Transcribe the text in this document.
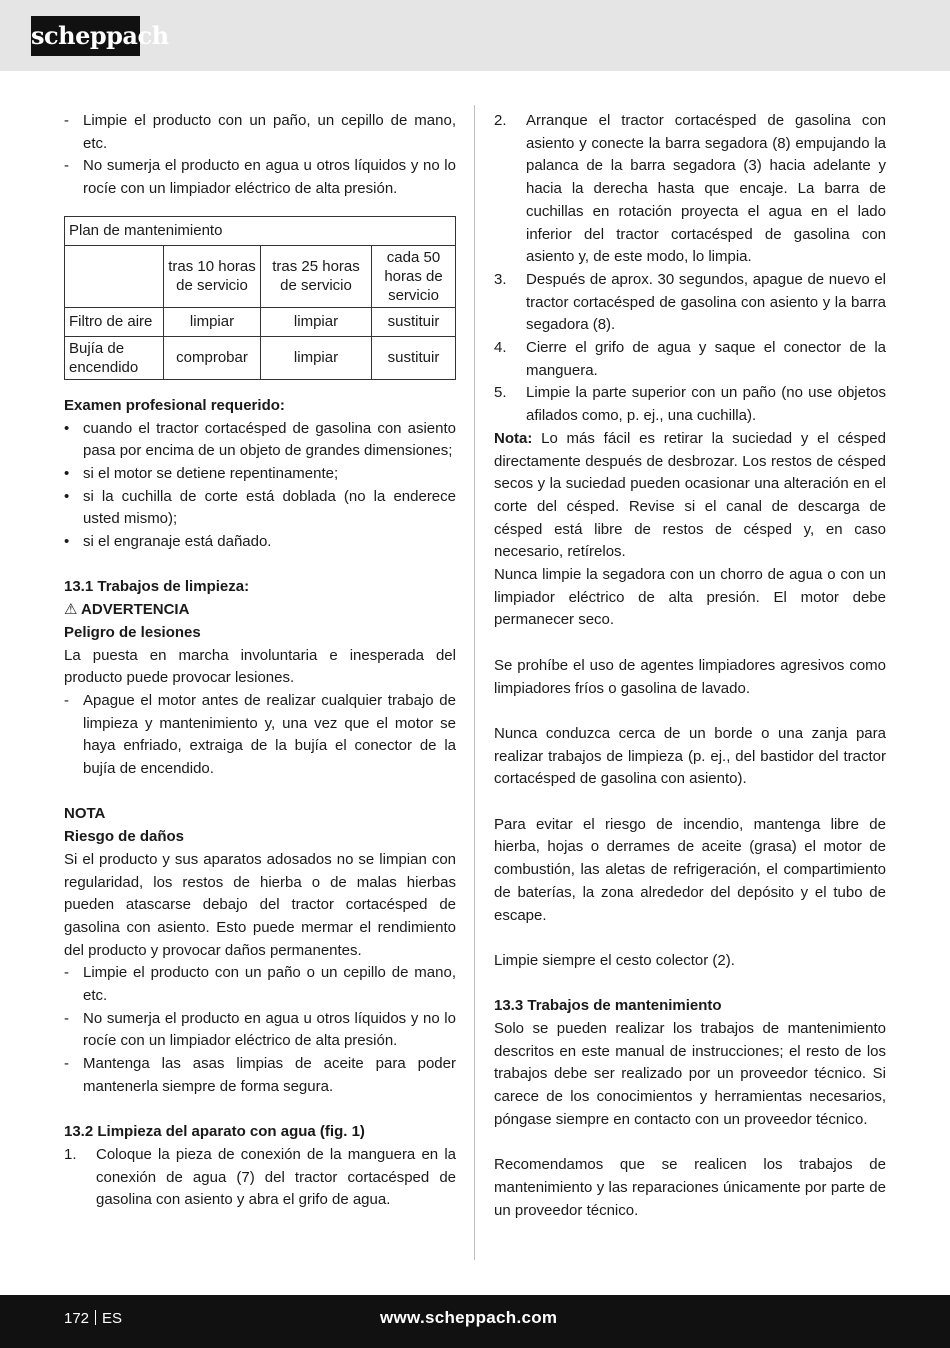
scheppach
- Limpie el producto con un paño, un cepillo de mano, etc.
- No sumerja el producto en agua u otros líquidos y no lo rocíe con un limpiador eléctrico de alta presión.
Plan de mantenimiento			
	tras 10 horas de servicio	tras 25 horas de servicio	cada 50 horas de servicio
Filtro de aire	limpiar	limpiar	sustituir
Bujía de encendido	comprobar	limpiar	sustituir

Examen profesional requerido:

• cuando el tractor cortacésped de gasolina con asiento pasa por encima de un objeto de grandes dimensiones;
• si el motor se detiene repentinamente;
• si la cuchilla de corte está doblada (no la enderece usted mismo);
• si el engranaje está dañado.

13.1 Trabajos de limpieza:

⚠ ADVERTENCIA

Peligro de lesiones

La puesta en marcha involuntaria e inesperada del producto puede provocar lesiones.

- Apague el motor antes de realizar cualquier trabajo de limpieza y mantenimiento y, una vez que el motor se haya enfriado, extraiga de la bujía el conector de la bujía de encendido.

NOTA

Riesgo de daños

Si el producto y sus aparatos adosados no se limpian con regularidad, los restos de hierba o de malas hierbas pueden atascarse debajo del tractor cortacésped de gasolina con asiento. Esto puede mermar el rendimiento del producto y provocar daños permanentes.

- Limpie el producto con un paño o un cepillo de mano, etc.
- No sumerja el producto en agua u otros líquidos y no lo rocíe con un limpiador eléctrico de alta presión.
- Mantenga las asas limpias de aceite para poder mantenerla siempre de forma segura.

13.2 Limpieza del aparato con agua (fig. 1)

1. Coloque la pieza de conexión de la manguera en la conexión de agua (7) del tractor cortacésped de gasolina con asiento y abra el grifo de agua.
2. Arranque el tractor cortacésped de gasolina con asiento y conecte la barra segadora (8) empujando la palanca de la barra segadora (3) hacia adelante y hacia la derecha hasta que encaje. La barra de cuchillas en rotación proyecta el agua en el lado inferior del tractor cortacésped de gasolina con asiento y, de este modo, lo limpia.
3. Después de aprox. 30 segundos, apague de nuevo el tractor cortacésped de gasolina con asiento y la barra segadora (8).
4. Cierre el grifo de agua y saque el conector de la manguera.
5. Limpie la parte superior con un paño (no use objetos afilados como, p. ej., una cuchilla).

Nota: Lo más fácil es retirar la suciedad y el césped directamente después de desbrozar. Los restos de césped secos y la suciedad pueden ocasionar una alteración en el corte del césped. Revise si el canal de descarga de césped está libre de restos de césped y, en caso necesario, retírelos.

Nunca limpie la segadora con un chorro de agua o con un limpiador eléctrico de alta presión. El motor debe permanecer seco.

Se prohíbe el uso de agentes limpiadores agresivos como limpiadores fríos o gasolina de lavado.

Nunca conduzca cerca de un borde o una zanja para realizar trabajos de limpieza (p. ej., del bastidor del tractor cortacésped de gasolina con asiento).

Para evitar el riesgo de incendio, mantenga libre de hierba, hojas o derrames de aceite (grasa) el motor de combustión, las aletas de refrigeración, el compartimiento de baterías, la zona alrededor del depósito y el tubo de escape.

Limpie siempre el cesto colector (2).

13.3 Trabajos de mantenimiento

Solo se pueden realizar los trabajos de mantenimiento descritos en este manual de instrucciones; el resto de los trabajos debe ser realizado por un proveedor técnico. Si carece de los conocimientos y herramientas necesarios, póngase siempre en contacto con un proveedor técnico.

Recomendamos que se realicen los trabajos de mantenimiento y las reparaciones únicamente por parte de un proveedor técnico.

172 ES	www.scheppach.com
